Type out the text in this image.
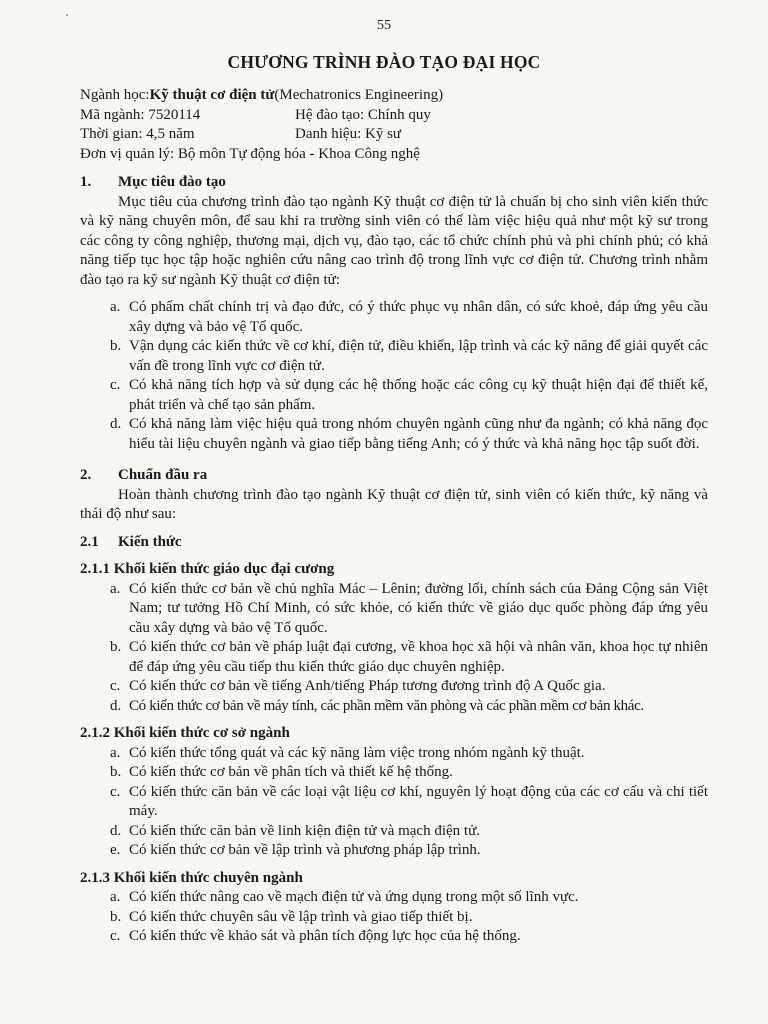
55
CHƯƠNG TRÌNH ĐÀO TẠO ĐẠI HỌC
Ngành học: Kỹ thuật cơ điện tử (Mechatronics Engineering)
Mã ngành: 7520114	Hệ đào tạo: Chính quy
Thời gian: 4,5 năm	Danh hiệu: Kỹ sư
Đơn vị quản lý: Bộ môn Tự động hóa - Khoa Công nghệ
1.	Mục tiêu đào tạo

Mục tiêu của chương trình đào tạo ngành Kỹ thuật cơ điện tử là chuẩn bị cho sinh viên kiến thức và kỹ năng chuyên môn, để sau khi ra trường sinh viên có thể làm việc hiệu quả như một kỹ sư trong các công ty công nghiệp, thương mại, dịch vụ, đào tạo, các tổ chức chính phủ và phi chính phủ; có khả năng tiếp tục học tập hoặc nghiên cứu nâng cao trình độ trong lĩnh vực cơ điện tử. Chương trình nhằm đào tạo ra kỹ sư ngành Kỹ thuật cơ điện tử:

a. Có phẩm chất chính trị và đạo đức, có ý thức phục vụ nhân dân, có sức khoẻ, đáp ứng yêu cầu xây dựng và bảo vệ Tổ quốc.
b. Vận dụng các kiến thức về cơ khí, điện tử, điều khiển, lập trình và các kỹ năng để giải quyết các vấn đề trong lĩnh vực cơ điện tử.
c. Có khả năng tích hợp và sử dụng các hệ thống hoặc các công cụ kỹ thuật hiện đại để thiết kế, phát triển và chế tạo sản phẩm.
d. Có khả năng làm việc hiệu quả trong nhóm chuyên ngành cũng như đa ngành; có khả năng đọc hiểu tài liệu chuyên ngành và giao tiếp bằng tiếng Anh; có ý thức và khả năng học tập suốt đời.
2.	Chuẩn đầu ra

Hoàn thành chương trình đào tạo ngành Kỹ thuật cơ điện tử, sinh viên có kiến thức, kỹ năng và thái độ như sau:

2.1	Kiến thức
2.1.1 Khối kiến thức giáo dục đại cương
a. Có kiến thức cơ bản về chủ nghĩa Mác – Lênin; đường lối, chính sách của Đảng Cộng sản Việt Nam; tư tưởng Hồ Chí Minh, có sức khỏe, có kiến thức về giáo dục quốc phòng đáp ứng yêu cầu xây dựng và bảo vệ Tổ quốc.
b. Có kiến thức cơ bản về pháp luật đại cương, về khoa học xã hội và nhân văn, khoa học tự nhiên để đáp ứng yêu cầu tiếp thu kiến thức giáo dục chuyên nghiệp.
c. Có kiến thức cơ bản về tiếng Anh/tiếng Pháp tương đương trình độ A Quốc gia.
d. Có kiến thức cơ bản về máy tính, các phần mềm văn phòng và các phần mềm cơ bản khác.
2.1.2 Khối kiến thức cơ sở ngành
a. Có kiến thức tổng quát và các kỹ năng làm việc trong nhóm ngành kỹ thuật.
b. Có kiến thức cơ bản về phân tích và thiết kế hệ thống.
c. Có kiến thức căn bản về các loại vật liệu cơ khí, nguyên lý hoạt động của các cơ cấu và chi tiết máy.
d. Có kiến thức căn bản về linh kiện điện tử và mạch điện tử.
e. Có kiến thức cơ bản về lập trình và phương pháp lập trình.
2.1.3 Khối kiến thức chuyên ngành
a. Có kiến thức nâng cao về mạch điện tử và ứng dụng trong một số lĩnh vực.
b. Có kiến thức chuyên sâu về lập trình và giao tiếp thiết bị.
c. Có kiến thức về khảo sát và phân tích động lực học của hệ thống.
